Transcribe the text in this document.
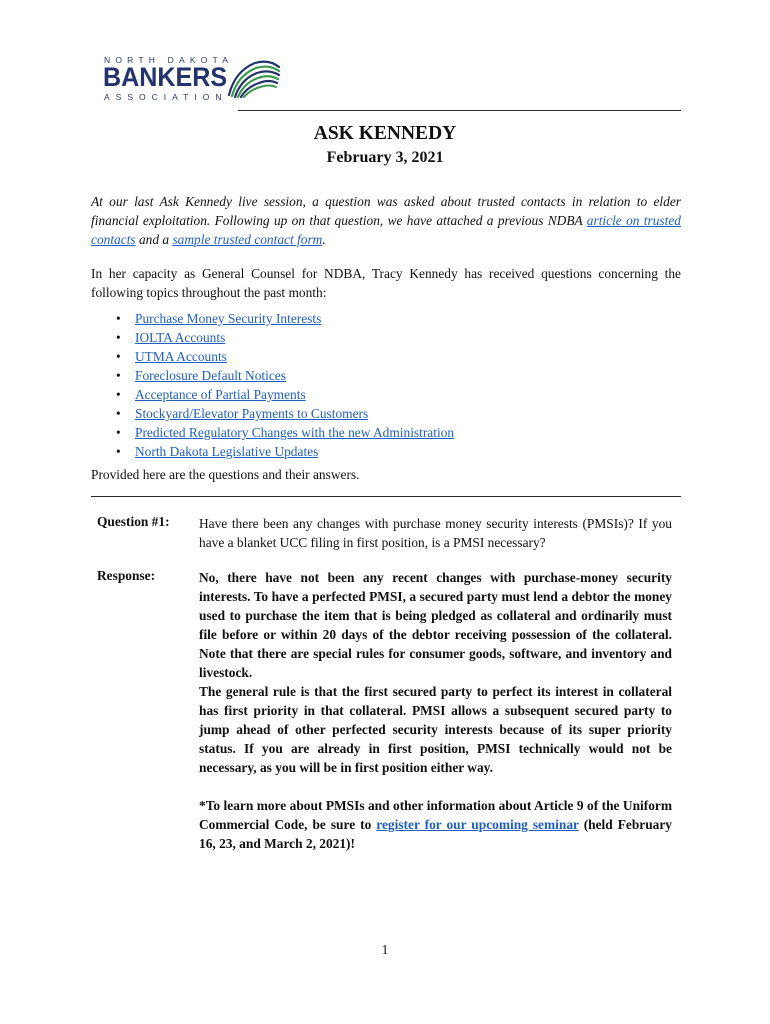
NORTH DAKOTA
BANKERS
ASSOCIATION
ASK KENNEDY
February 3, 2021
At our last Ask Kennedy live session, a question was asked about trusted contacts in relation to elder financial exploitation. Following up on that question, we have attached a previous NDBA article on trusted contacts and a sample trusted contact form.
In her capacity as General Counsel for NDBA, Tracy Kennedy has received questions concerning the following topics throughout the past month:
• Purchase Money Security Interests
• IOLTA Accounts
• UTMA Accounts
• Foreclosure Default Notices
• Acceptance of Partial Payments
• Stockyard/Elevator Payments to Customers
• Predicted Regulatory Changes with the new Administration
• North Dakota Legislative Updates
Provided here are the questions and their answers.
Question #1: Have there been any changes with purchase money security interests (PMSIs)? If you have a blanket UCC filing in first position, is a PMSI necessary?
Response:	No, there have not been any recent changes with purchase-money security interests. To have a perfected PMSI, a secured party must lend a debtor the money used to purchase the item that is being pledged as collateral and ordinarily must file before or within 20 days of the debtor receiving possession of the collateral. Note that there are special rules for consumer goods, software, and inventory and livestock.
The general rule is that the first secured party to perfect its interest in collateral has first priority in that collateral. PMSI allows a subsequent secured party to jump ahead of other perfected security interests because of its super priority status. If you are already in first position, PMSI technically would not be necessary, as you will be in first position either way.
*To learn more about PMSIs and other information about Article 9 of the Uniform Commercial Code, be sure to register for our upcoming seminar (held February 16, 23, and March 2, 2021)!
1
